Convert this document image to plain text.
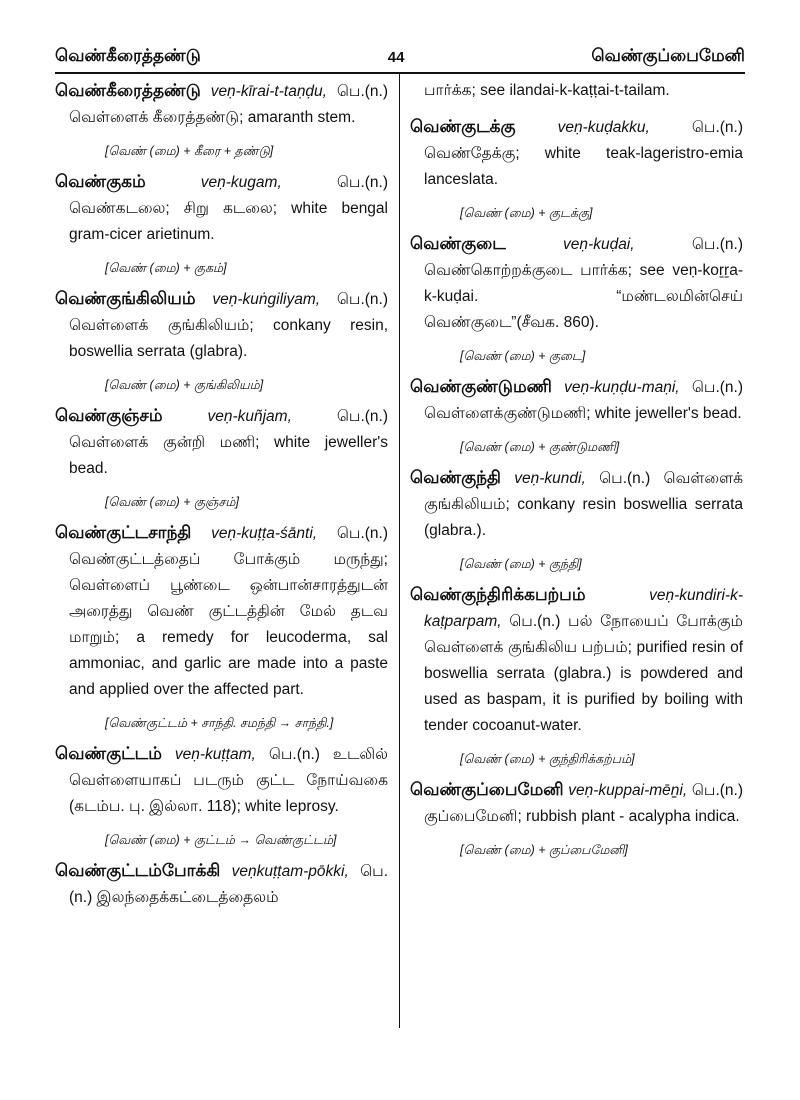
வெண்கீரைத்தண்டு	44	வெண்குப்பைமேனி
வெண்கீரைத்தண்டு veṇ-kīrai-t-taṇḍu, பெ.(n.) வெள்ளைக் கீரைத்தண்டு; amaranth stem.
[வெண் (மை) + கீரை + தண்டு]
வெண்குகம்	veṇ-kugam,	பெ.(n.) வெண்கடலை; சிறு கடலை; white bengal gram-cicer arietinum.
[வெண் (மை) + குகம்]
வெண்குங்கிலியம் veṇ-kuṅgiliyam, பெ.(n.) வெள்ளைக் குங்கிலியம்; conkany resin, boswellia serrata (glabra).
[வெண் (மை) + குங்கிலியம்]
வெண்குஞ்சம்	veṇ-kuñjam,	பெ.(n.) வெள்ளைக் குன்றி மணி; white jeweller's bead.
[வெண் (மை) + குஞ்சம்]
வெண்குட்டசாந்தி veṇ-kuṭṭa-śānti, பெ.(n.) வெண்குட்டத்தைப் போக்கும் மருந்து; வெள்ளைப் பூண்டை ஒன்பான்சாரத்துடன் அரைத்து வெண் குட்டத்தின் மேல் தடவ மாறும்; a remedy for leucoderma, sal ammoniac, and garlic are made into a paste and applied over the affected part.
[வெண்குட்டம் + சாந்தி. சமந்தி → சாந்தி.]
வெண்குட்டம் veṇ-kuṭṭam, பெ.(n.) உடலில் வெள்ளையாகப் படரும் குட்ட நோய்வகை (கடம்ப. பு. இல்லா. 118); white leprosy.
[வெண் (மை) + குட்டம் → வெண்குட்டம்]
வெண்குட்டம்போக்கி veṇkuṭṭam-pōkki, பெ.(n.) இலந்தைக்கட்டைத்தைலம்
பார்க்க; see ilandai-k-kaṭṭai-t-tailam.
வெண்குடக்கு	veṇ-kuḍakku,	பெ.(n.) வெண்தேக்கு; white teak-lageristro-emia lanceslata.
[வெண் (மை) + குடக்கு]
வெண்குடை	veṇ-kuḍai,	பெ.(n.) வெண்கொற்றக்குடை பார்க்க; see veṇ-koṟṟa-k-kuḍai. “மண்டலமின்செய் வெண்குடை”(சீவக. 860).
[வெண் (மை) + குடை]
வெண்குண்டுமணி veṇ-kuṇḍu-maṇi, பெ.(n.) வெள்ளைக்குண்டுமணி; white jeweller's bead.
[வெண் (மை) + குண்டுமணி]
வெண்குந்தி veṇ-kundi, பெ.(n.) வெள்ளைக் குங்கிலியம்; conkany resin boswellia serrata (glabra.).
[வெண் (மை) + குந்தி]
வெண்குந்திரிக்கபற்பம்	veṇ-kundiri-k-kaṭparpam, பெ.(n.) பல் நோயைப் போக்கும் வெள்ளைக் குங்கிலிய பற்பம்; purified resin of boswellia serrata (glabra.) is powdered and used as baspam, it is purified by boiling with tender cocoanut-water.
[வெண் (மை) + குந்திரிக்கற்பம்]
வெண்குப்பைமேனி veṇ-kuppai-mēṉi, பெ.(n.) குப்பைமேனி; rubbish plant - acalypha indica.
[வெண் (மை) + குப்பைமேனி]
